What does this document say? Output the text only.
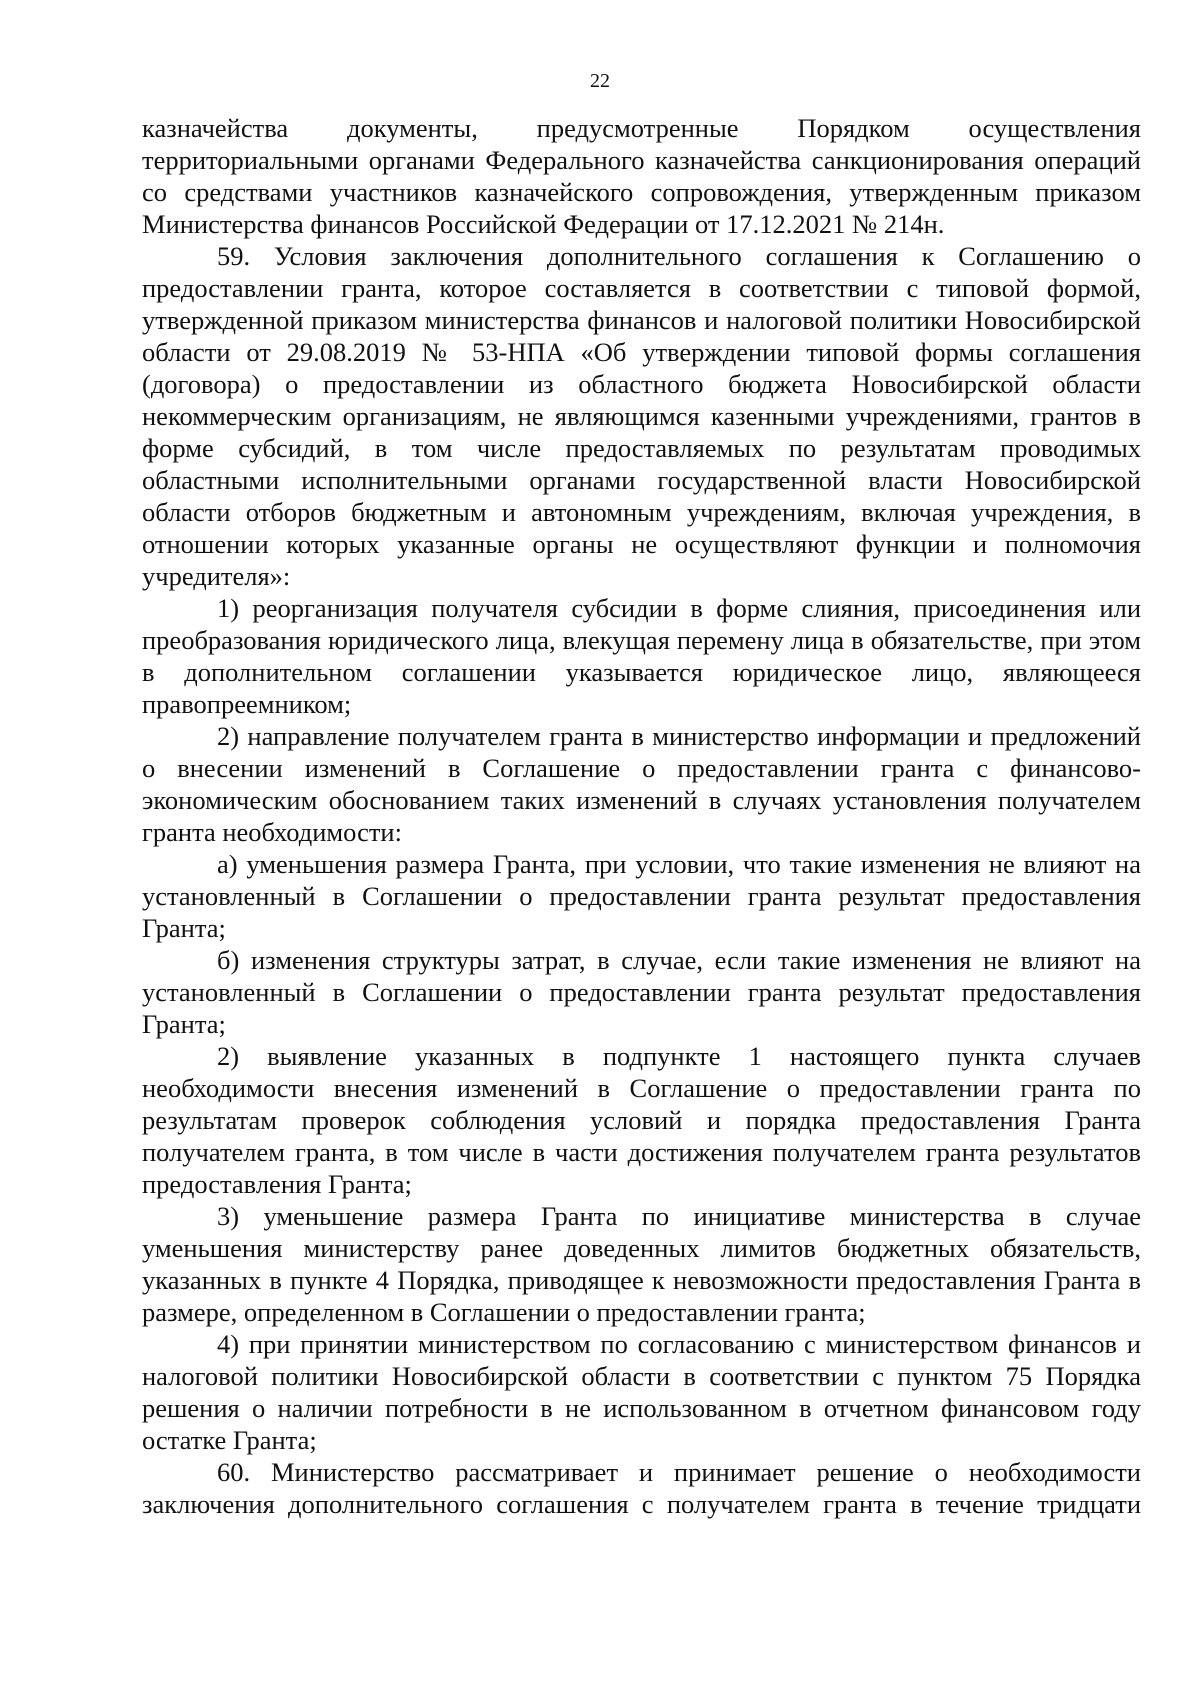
22

казначейства документы, предусмотренные Порядком осуществления территориальными органами Федерального казначейства санкционирования операций со средствами участников казначейского сопровождения, утвержденным приказом Министерства финансов Российской Федерации от 17.12.2021 № 214н.

59. Условия заключения дополнительного соглашения к Соглашению о предоставлении гранта, которое составляется в соответствии с типовой формой, утвержденной приказом министерства финансов и налоговой политики Новосибирской области от 29.08.2019 № 53-НПА «Об утверждении типовой формы соглашения (договора) о предоставлении из областного бюджета Новосибирской области некоммерческим организациям, не являющимся казенными учреждениями, грантов в форме субсидий, в том числе предоставляемых по результатам проводимых областными исполнительными органами государственной власти Новосибирской области отборов бюджетным и автономным учреждениям, включая учреждения, в отношении которых указанные органы не осуществляют функции и полномочия учредителя»:

1) реорганизация получателя субсидии в форме слияния, присоединения или преобразования юридического лица, влекущая перемену лица в обязательстве, при этом в дополнительном соглашении указывается юридическое лицо, являющееся правопреемником;

2) направление получателем гранта в министерство информации и предложений о внесении изменений в Соглашение о предоставлении гранта с финансово-экономическим обоснованием таких изменений в случаях установления получателем гранта необходимости:

а) уменьшения размера Гранта, при условии, что такие изменения не влияют на установленный в Соглашении о предоставлении гранта результат предоставления Гранта;

б) изменения структуры затрат, в случае, если такие изменения не влияют на установленный в Соглашении о предоставлении гранта результат предоставления Гранта;

2) выявление указанных в подпункте 1 настоящего пункта случаев необходимости внесения изменений в Соглашение о предоставлении гранта по результатам проверок соблюдения условий и порядка предоставления Гранта получателем гранта, в том числе в части достижения получателем гранта результатов предоставления Гранта;

3) уменьшение размера Гранта по инициативе министерства в случае уменьшения министерству ранее доведенных лимитов бюджетных обязательств, указанных в пункте 4 Порядка, приводящее к невозможности предоставления Гранта в размере, определенном в Соглашении о предоставлении гранта;

4) при принятии министерством по согласованию с министерством финансов и налоговой политики Новосибирской области в соответствии с пунктом 75 Порядка решения о наличии потребности в не использованном в отчетном финансовом году остатке Гранта;

60. Министерство рассматривает и принимает решение о необходимости заключения дополнительного соглашения с получателем гранта в течение тридцати
